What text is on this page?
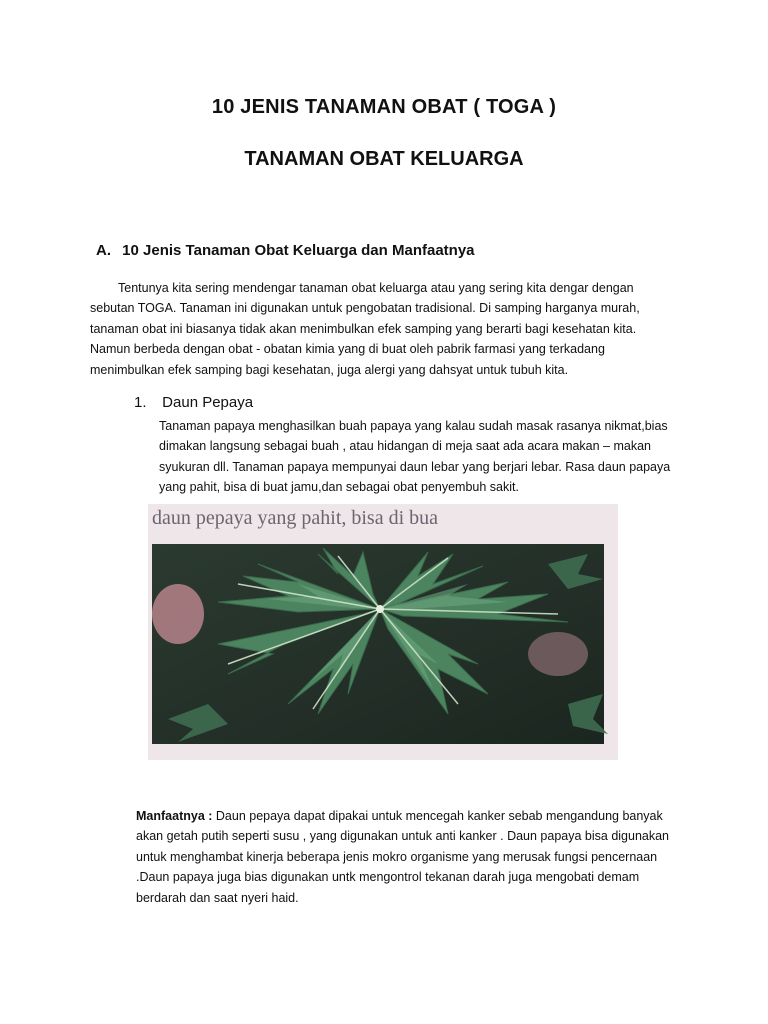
10 JENIS TANAMAN OBAT ( TOGA )
TANAMAN OBAT KELUARGA
A. 10 Jenis Tanaman Obat Keluarga dan Manfaatnya

Tentunya kita sering mendengar tanaman obat keluarga atau yang sering kita dengar dengan sebutan TOGA. Tanaman ini digunakan untuk pengobatan tradisional. Di samping harganya murah, tanaman obat ini biasanya tidak akan menimbulkan efek samping yang berarti bagi kesehatan kita. Namun berbeda dengan obat - obatan kimia yang di buat oleh pabrik farmasi yang terkadang menimbulkan efek samping bagi kesehatan, juga alergi yang dahsyat untuk tubuh kita.

1. Daun Pepaya
Tanaman papaya menghasilkan buah papaya yang kalau sudah masak rasanya nikmat,bias dimakan langsung sebagai buah , atau hidangan di meja saat ada acara makan – makan syukuran dll. Tanaman papaya mempunyai daun lebar yang berjari lebar. Rasa daun papaya yang pahit, bisa di buat jamu,dan sebagai obat penyembuh sakit.
daun pepaya yang pahit, bisa di bua
Manfaatnya : Daun pepaya dapat dipakai untuk mencegah kanker sebab mengandung banyak akan getah putih seperti susu , yang digunakan untuk anti kanker . Daun papaya bisa digunakan untuk menghambat kinerja beberapa jenis mokro organisme yang merusak fungsi pencernaan .Daun papaya juga bias digunakan untk mengontrol tekanan darah juga mengobati demam berdarah dan saat nyeri haid.
